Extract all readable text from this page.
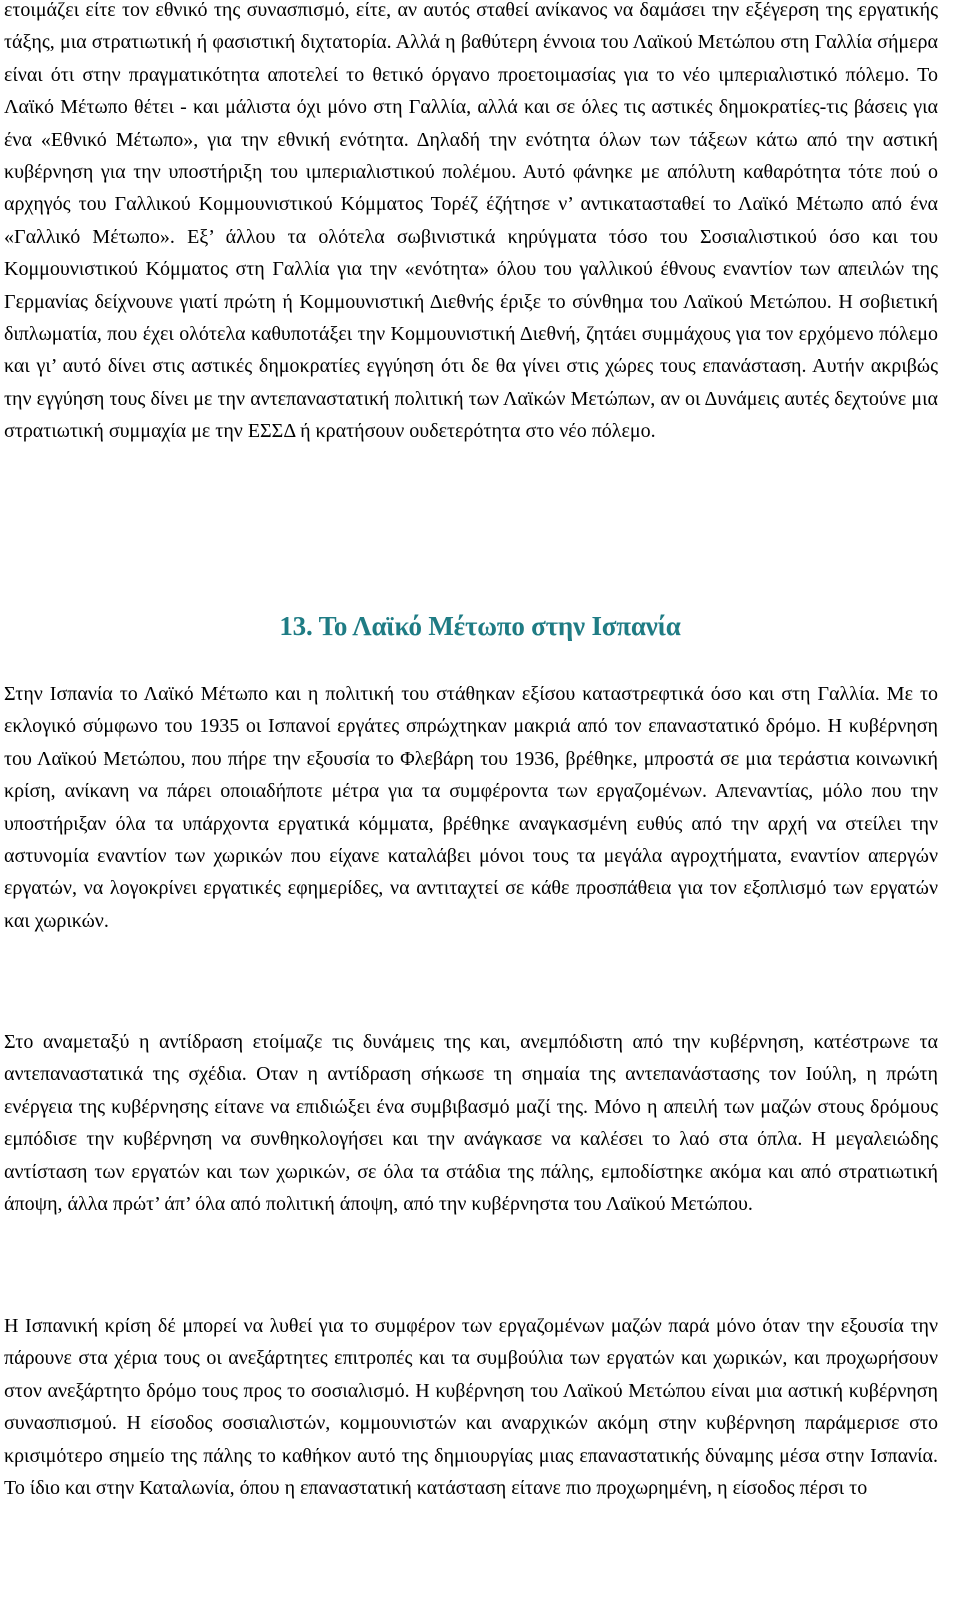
ετοιμάζει είτε τον εθνικό της συνασπισμό, είτε, αν αυτός σταθεί ανίκανος να δαμάσει την εξέγερση της εργατικής τάξης, μια στρατιωτική ή φασιστική διχτατορία. Αλλά η βαθύτερη έννοια του Λαϊκού Μετώπου στη Γαλλία σήμερα είναι ότι στην πραγματικότητα αποτελεί το θετικό όργανο προετοιμασίας για το νέο ιμπεριαλιστικό πόλεμο. Το Λαϊκό Μέτωπο θέτει - και μάλιστα όχι μόνο στη Γαλλία, αλλά και σε όλες τις αστικές δημοκρατίες-τις βάσεις για ένα «Εθνικό Μέτωπο», για την εθνική ενότητα. Δηλαδή την ενότητα όλων των τάξεων κάτω από την αστική κυβέρνηση για την υποστήριξη του ιμπεριαλιστικού πολέμου. Αυτό φάνηκε με απόλυτη καθαρότητα τότε πού ο αρχηγός του Γαλλικού Κομμουνιστικού Κόμματος Τορέζ έζήτησε ν’ αντικατασταθεί το Λαϊκό Μέτωπο από ένα «Γαλλικό Μέτωπο». Εξ’ άλλου τα ολότελα σωβινιστικά κηρύγματα τόσο του Σοσιαλιστικού όσο και του Κομμουνιστικού Κόμματος στη Γαλλία για την «ενότητα» όλου του γαλλικού έθνους εναντίον των απειλών της Γερμανίας δείχνουνε γιατί πρώτη ή Κομμουνιστική Διεθνής έριξε το σύνθημα του Λαϊκού Μετώπου. Η σοβιετική διπλωματία, που έχει ολότελα καθυποτάξει την Κομμουνιστική Διεθνή, ζητάει συμμάχους για τον ερχόμενο πόλεμο και γι’ αυτό δίνει στις αστικές δημοκρατίες εγγύηση ότι δε θα γίνει στις χώρες τους επανάσταση. Αυτήν ακριβώς την εγγύηση τους δίνει με την αντεπαναστατική πολιτική των Λαϊκών Μετώπων, αν οι Δυνάμεις αυτές δεχτούνε μια στρατιωτική συμμαχία με την ΕΣΣΔ ή κρατήσουν ουδετερότητα στο νέο πόλεμο.

13. Το Λαϊκό Μέτωπο στην Ισπανία

Στην Ισπανία το Λαϊκό Μέτωπο και η πολιτική του στάθηκαν εξίσου καταστρεφτικά όσο και στη Γαλλία. Με το εκλογικό σύμφωνο του 1935 οι Ισπανοί εργάτες σπρώχτηκαν μακριά από τον επαναστατικό δρόμο. Η κυβέρνηση του Λαϊκού Μετώπου, που πήρε την εξουσία το Φλεβάρη του 1936, βρέθηκε, μπροστά σε μια τεράστια κοινωνική κρίση, ανίκανη να πάρει οποιαδήποτε μέτρα για τα συμφέροντα των εργαζομένων. Απεναντίας, μόλο που την υποστήριξαν όλα τα υπάρχοντα εργατικά κόμματα, βρέθηκε αναγκασμένη ευθύς από την αρχή να στείλει την αστυνομία εναντίον των χωρικών που είχανε καταλάβει μόνοι τους τα μεγάλα αγροχτήματα, εναντίον απεργών εργατών, να λογοκρίνει εργατικές εφημερίδες, να αντιταχτεί σε κάθε προσπάθεια για τον εξοπλισμό των εργατών και χωρικών.

Στο αναμεταξύ η αντίδραση ετοίμαζε τις δυνάμεις της και, ανεμπόδιστη από την κυβέρνηση, κατέστρωνε τα αντεπαναστατικά της σχέδια. Οταν η αντίδραση σήκωσε τη σημαία της αντεπανάστασης τον Ιούλη, η πρώτη ενέργεια της κυβέρνησης είτανε να επιδιώξει ένα συμβιβασμό μαζί της. Μόνο η απειλή των μαζών στους δρόμους εμπόδισε την κυβέρνηση να συνθηκολογήσει και την ανάγκασε να καλέσει το λαό στα όπλα. Η μεγαλειώδης αντίσταση των εργατών και των χωρικών, σε όλα τα στάδια της πάλης, εμποδίστηκε ακόμα και από στρατιωτική άποψη, άλλα πρώτ’ άπ’ όλα από πολιτική άποψη, από την κυβέρνηστα του Λαϊκού Μετώπου.

Η Ισπανική κρίση δέ μπορεί να λυθεί για το συμφέρον των εργαζομένων μαζών παρά μόνο όταν την εξουσία την πάρουνε στα χέρια τους οι ανεξάρτητες επιτροπές και τα συμβούλια των εργατών και χωρικών, και προχωρήσουν στον ανεξάρτητο δρόμο τους προς το σοσιαλισμό. Η κυβέρνηση του Λαϊκού Μετώπου είναι μια αστική κυβέρνηση συνασπισμού. Η είσοδος σοσιαλιστών, κομμουνιστών και αναρχικών ακόμη στην κυβέρνηση παράμερισε στο κρισιμότερο σημείο της πάλης το καθήκον αυτό της δημιουργίας μιας επαναστατικής δύναμης μέσα στην Ισπανία. Το ίδιο και στην Καταλωνία, όπου η επαναστατική κατάσταση είτανε πιο προχωρημένη, η είσοδος πέρσι το
